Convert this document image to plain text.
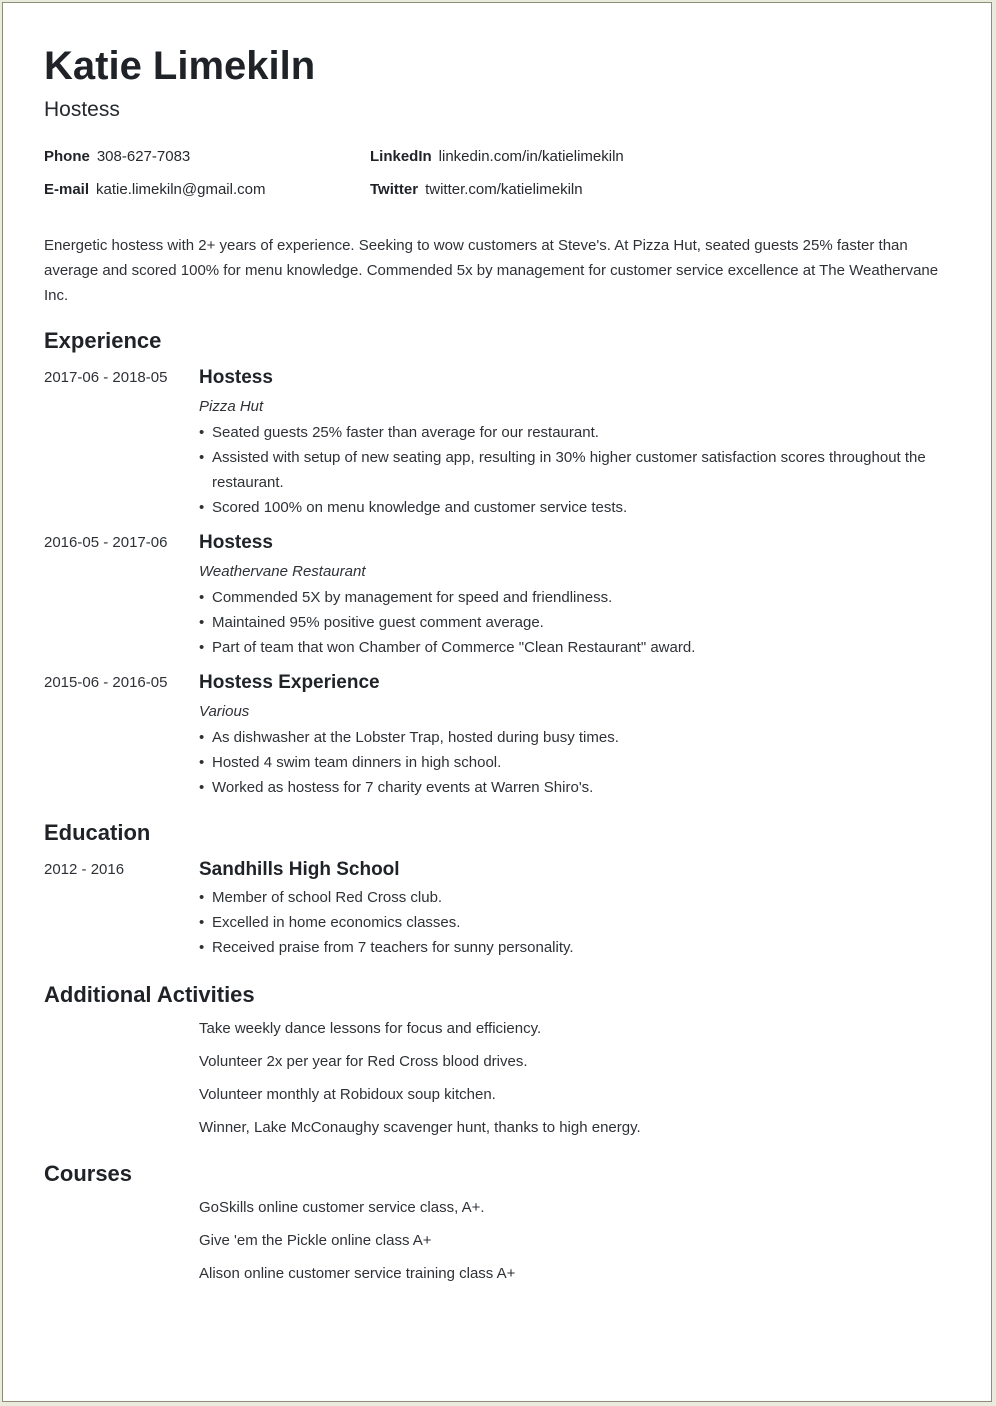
Katie Limekiln
Hostess
Phone 308-627-7083	LinkedIn linkedin.com/in/katielimekiln
E-mail katie.limekiln@gmail.com	Twitter twitter.com/katielimekiln

Energetic hostess with 2+ years of experience. Seeking to wow customers at Steve's. At Pizza Hut, seated guests 25% faster than average and scored 100% for menu knowledge. Commended 5x by management for customer service excellence at The Weathervane Inc.

Experience
2017-06 - 2018-05 Hostess
Pizza Hut
• Seated guests 25% faster than average for our restaurant.
• Assisted with setup of new seating app, resulting in 30% higher customer satisfaction scores throughout the restaurant.
• Scored 100% on menu knowledge and customer service tests.
2016-05 - 2017-06 Hostess
Weathervane Restaurant
• Commended 5X by management for speed and friendliness.
• Maintained 95% positive guest comment average.
• Part of team that won Chamber of Commerce "Clean Restaurant" award.
2015-06 - 2016-05 Hostess Experience
Various
• As dishwasher at the Lobster Trap, hosted during busy times.
• Hosted 4 swim team dinners in high school.
• Worked as hostess for 7 charity events at Warren Shiro's.
Education
2012 - 2016	Sandhills High School
• Member of school Red Cross club.
• Excelled in home economics classes.
• Received praise from 7 teachers for sunny personality.
Additional Activities
Take weekly dance lessons for focus and efficiency.
Volunteer 2x per year for Red Cross blood drives.
Volunteer monthly at Robidoux soup kitchen.
Winner, Lake McConaughy scavenger hunt, thanks to high energy.
Courses
GoSkills online customer service class, A+.
Give 'em the Pickle online class A+
Alison online customer service training class A+
